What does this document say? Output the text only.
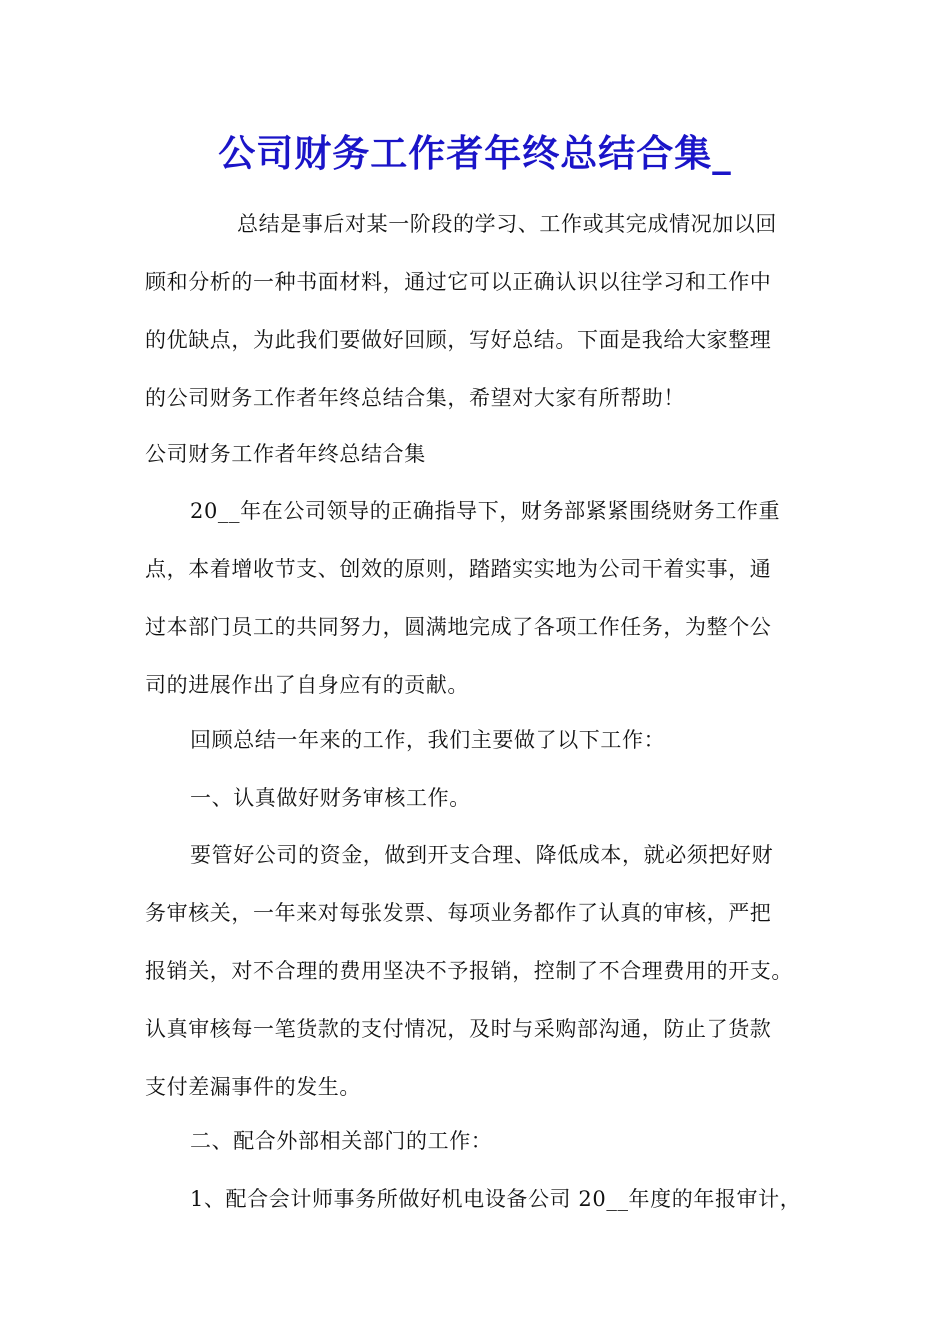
公司财务工作者年终总结合集_
总结是事后对某一阶段的学习、工作或其完成情况加以回
顾和分析的一种书面材料，通过它可以正确认识以往学习和工作中
的优缺点，为此我们要做好回顾，写好总结。下面是我给大家整理
的公司财务工作者年终总结合集，希望对大家有所帮助！
公司财务工作者年终总结合集
20__年在公司领导的正确指导下，财务部紧紧围绕财务工作重
点，本着增收节支、创效的原则，踏踏实实地为公司干着实事，通
过本部门员工的共同努力，圆满地完成了各项工作任务，为整个公
司的进展作出了自身应有的贡献。
回顾总结一年来的工作，我们主要做了以下工作：
一、认真做好财务审核工作。
要管好公司的资金，做到开支合理、降低成本，就必须把好财
务审核关，一年来对每张发票、每项业务都作了认真的审核，严把
报销关，对不合理的费用坚决不予报销，控制了不合理费用的开支。
认真审核每一笔货款的支付情况，及时与采购部沟通，防止了货款
支付差漏事件的发生。
二、配合外部相关部门的工作：
1、配合会计师事务所做好机电设备公司 20__年度的年报审计，
